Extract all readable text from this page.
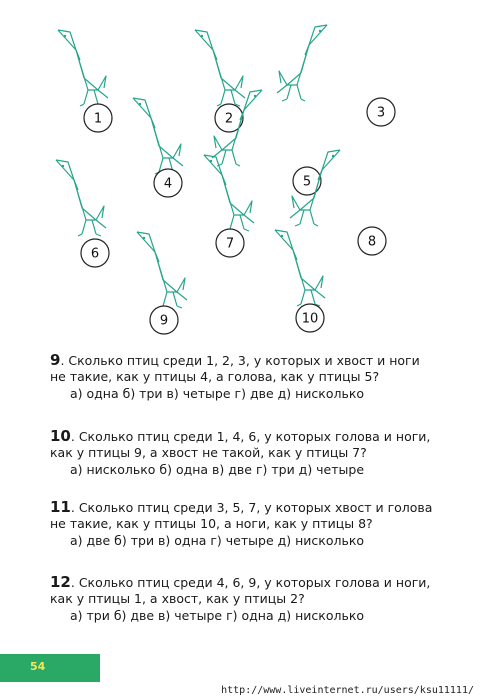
1	2	3
4	5
6
7	8
9	10
9. Сколько птиц среди 1, 2, 3, у которых и хвост и ноги
не такие, как у птицы 4, а голова, как у птицы 5?
а) одна б) три в) четыре г) две д) нисколько
10. Сколько птиц среди 1, 4, 6, у которых голова и ноги,
как у птицы 9, а хвост не такой, как у птицы 7?
а) нисколько б) одна в) две г) три д) четыре
11. Сколько птиц среди 3, 5, 7, у которых хвост и голова
не такие, как у птицы 10, а ноги, как у птицы 8?
а) две б) три в) одна г) четыре д) нисколько
12. Сколько птиц среди 4, 6, 9, у которых голова и ноги,
как у птицы 1, а хвост, как у птицы 2?
а) три б) две в) четыре г) одна д) нисколько
54
http://www.liveinternet.ru/users/ksu11111/
